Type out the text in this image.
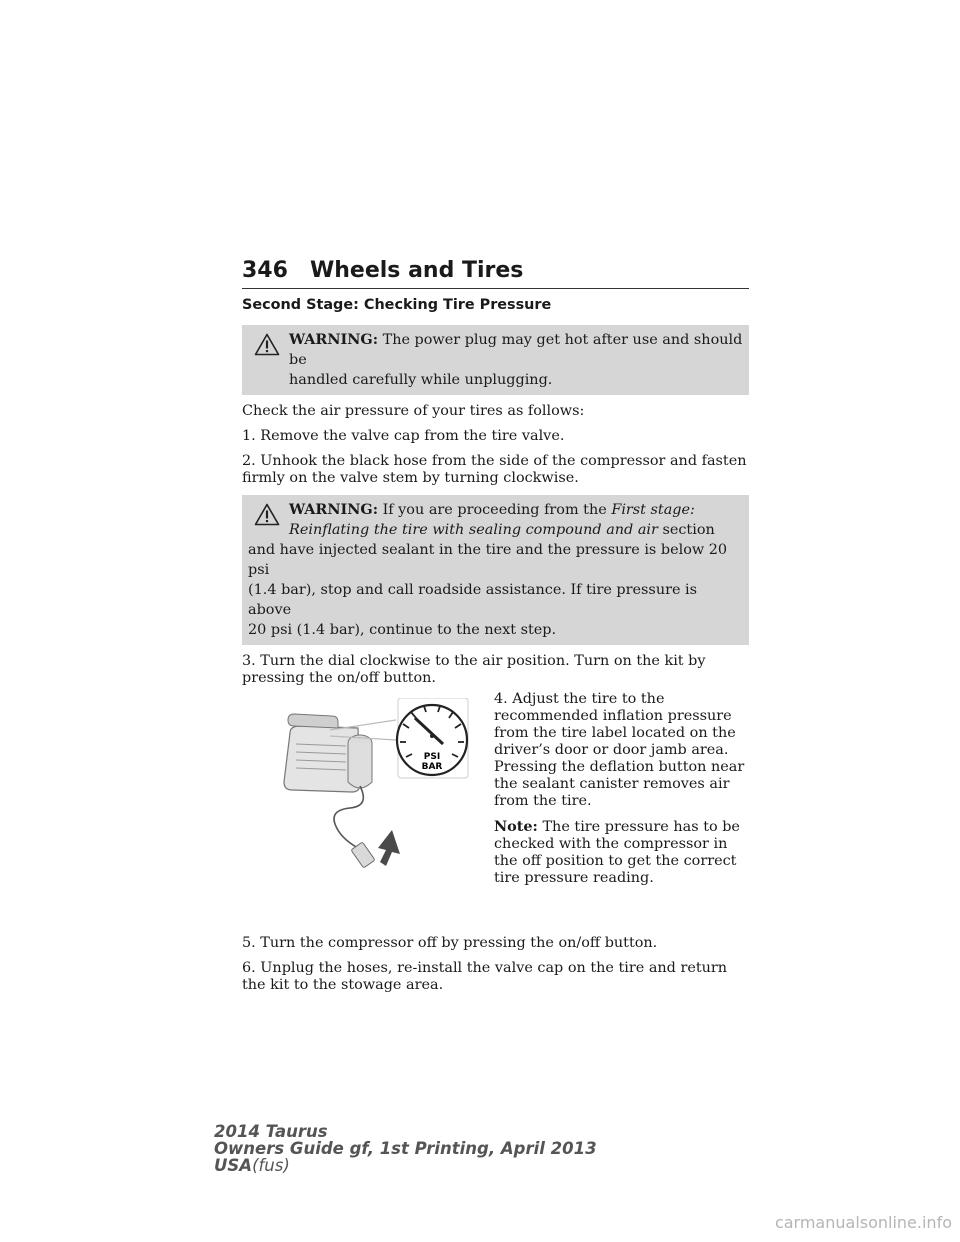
346 Wheels and Tires
Second Stage: Checking Tire Pressure
WARNING: The power plug may get hot after use and should be
handled carefully while unplugging.

Check the air pressure of your tires as follows:

1. Remove the valve cap from the tire valve.

2. Unhook the black hose from the side of the compressor and fasten firmly on the valve stem by turning clockwise.

WARNING: If you are proceeding from the First stage:
Reinflating the tire with sealing compound and air section
and have injected sealant in the tire and the pressure is below 20 psi
(1.4 bar), stop and call roadside assistance. If tire pressure is above
20 psi (1.4 bar), continue to the next step.

3. Turn the dial clockwise to the air position. Turn on the kit by pressing the on/off button.

PSI
BAR

4. Adjust the tire to the recommended inflation pressure from the tire label located on the driver’s door or door jamb area. Pressing the deflation button near the sealant canister removes air from the tire.

Note: The tire pressure has to be checked with the compressor in the off position to get the correct tire pressure reading.

5. Turn the compressor off by pressing the on/off button.

6. Unplug the hoses, re-install the valve cap on the tire and return the kit to the stowage area.

2014 Taurus
Owners Guide gf, 1st Printing, April 2013
USA(fus)
carmanualsonline.info
